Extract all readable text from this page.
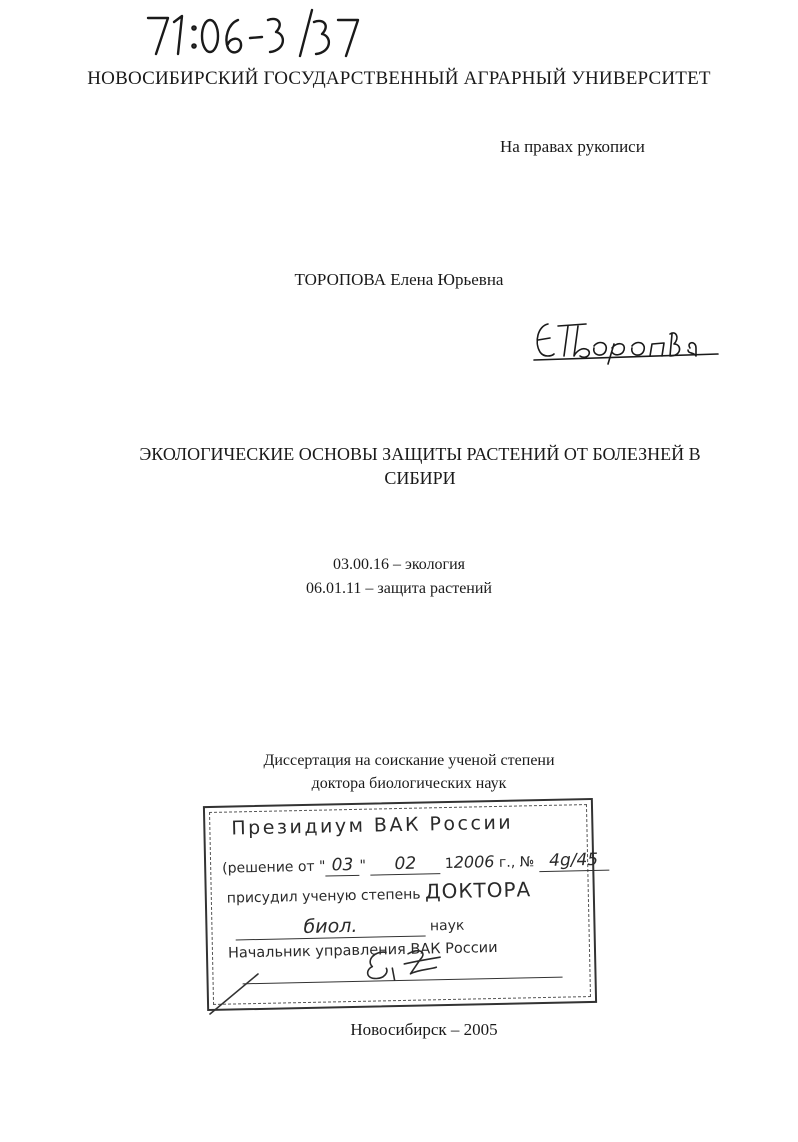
НОВОСИБИРСКИЙ ГОСУДАРСТВЕННЫЙ АГРАРНЫЙ УНИВЕРСИТЕТ
На правах рукописи
ТОРОПОВА Елена Юрьевна
ЭКОЛОГИЧЕСКИЕ ОСНОВЫ ЗАЩИТЫ РАСТЕНИЙ ОТ БОЛЕЗНЕЙ В
СИБИРИ
03.00.16 – экология
06.01.11 – защита растений
Диссертация на соискание ученой степени
доктора биологических наук
Президиум ВАК России
(решение от " 03 " 02 12006 г., № 4g/45
присудил ученую степень ДОКТОРА
биол.	наук
Начальник управления ВАК России
Новосибирск – 2005
